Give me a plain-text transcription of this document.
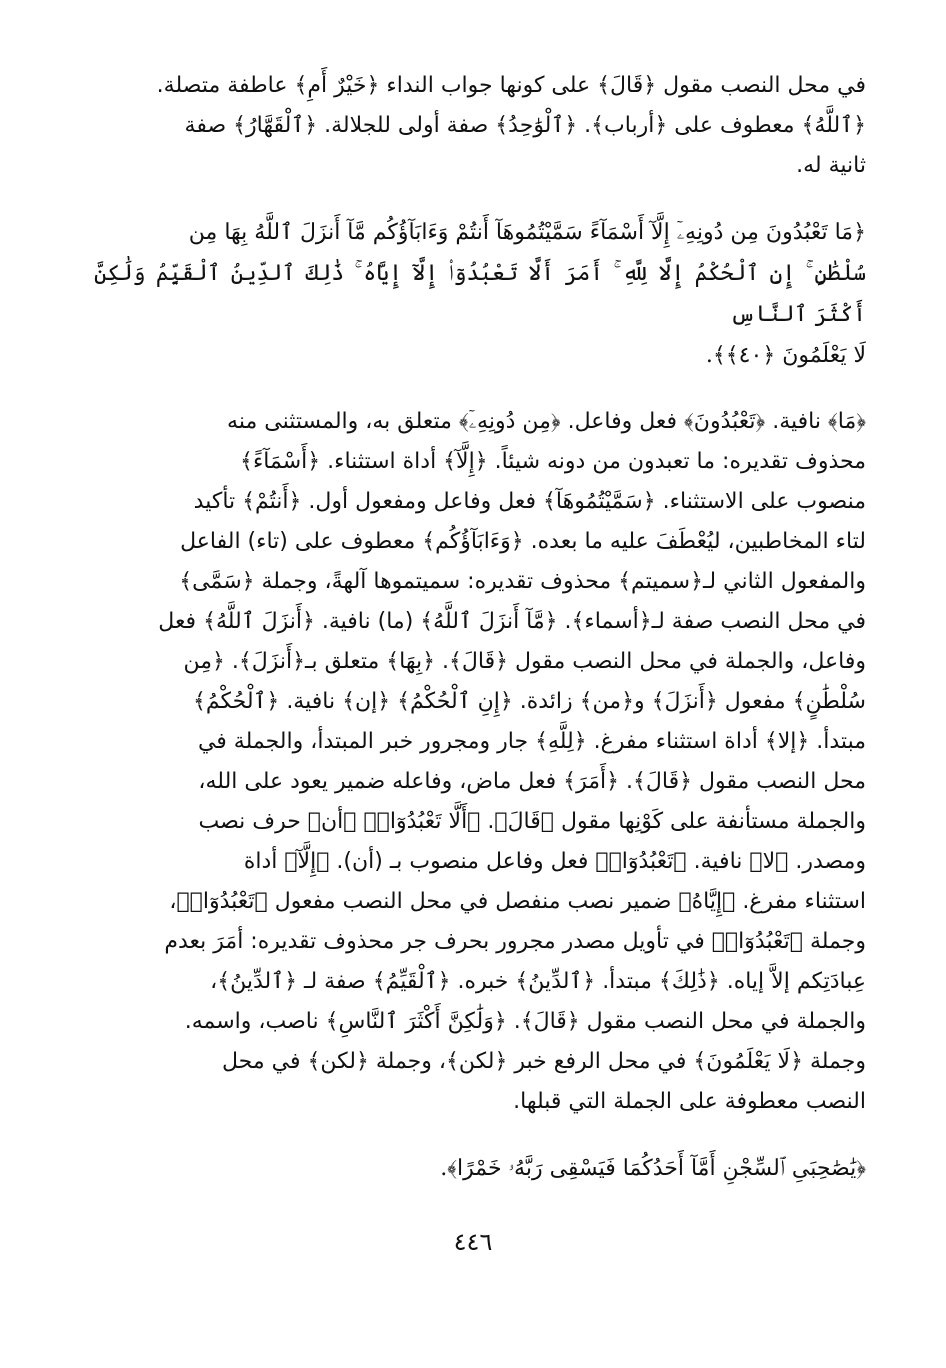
في محل النصب مقول ﴿قَالَ﴾ على كونها جواب النداء ﴿خَيْرٌ أَمِ﴾ عاطفة متصلة.
﴿ٱللَّهُ﴾ معطوف على ﴿أرباب﴾. ﴿ٱلْوَٰحِدُ﴾ صفة أولى للجلالة. ﴿ٱلْقَهَّارُ﴾ صفة
ثانية له.

﴿مَا تَعْبُدُونَ مِن دُونِهِۦٓ إِلَّآ أَسْمَآءً سَمَّيْتُمُوهَآ أَنتُمْ وَءَابَآؤُكُم مَّآ أَنزَلَ ٱللَّهُ بِهَا مِن
سُلْطَٰنٍ ۚ إِنِ ٱلْحُكْمُ إِلَّا لِلَّهِ ۚ أَمَرَ أَلَّا تَعْبُدُوٓا۟ إِلَّآ إِيَّاهُ ۚ ذَٰلِكَ ٱلدِّينُ ٱلْقَيِّمُ وَلَٰكِنَّ أَكْثَرَ ٱلنَّاسِ
لَا يَعْلَمُونَ ﴿٤٠﴾﴾.

﴿مَا﴾ نافية. ﴿تَعْبُدُونَ﴾ فعل وفاعل. ﴿مِن دُونِهِۦٓ﴾ متعلق به، والمستثنى منه
محذوف تقديره: ما تعبدون من دونه شيئاً. ﴿إِلَّآ﴾ أداة استثناء. ﴿أَسْمَآءً﴾
منصوب على الاستثناء. ﴿سَمَّيْتُمُوهَآ﴾ فعل وفاعل ومفعول أول. ﴿أَنتُمْ﴾ تأكيد
لتاء المخاطبين، ليُعْطَفَ عليه ما بعده. ﴿وَءَابَآؤُكُم﴾ معطوف على (تاء) الفاعل
والمفعول الثاني لـ﴿سميتم﴾ محذوف تقديره: سميتموها آلهةً، وجملة ﴿سَمَّى﴾
في محل النصب صفة لـ﴿أسماء﴾. ﴿مَّآ أَنزَلَ ٱللَّهُ﴾ (ما) نافية. ﴿أَنزَلَ ٱللَّهُ﴾ فعل
وفاعل، والجملة في محل النصب مقول ﴿قَالَ﴾. ﴿بِهَا﴾ متعلق بـ﴿أَنزَلَ﴾. ﴿مِن
سُلْطَٰنٍ﴾ مفعول ﴿أَنزَلَ﴾ و﴿من﴾ زائدة. ﴿إِنِ ٱلْحُكْمُ﴾ ﴿إن﴾ نافية. ﴿ٱلْحُكْمُ﴾
مبتدأ. ﴿إلا﴾ أداة استثناء مفرغ. ﴿لِلَّهِ﴾ جار ومجرور خبر المبتدأ، والجملة في
محل النصب مقول ﴿قَالَ﴾. ﴿أَمَرَ﴾ فعل ماض، وفاعله ضمير يعود على الله،
والجملة مستأنفة على كَوْنِها مقول ﴿قَالَ﴾. ﴿أَلَّا تَعْبُدُوٓا۟﴾ ﴿أن﴾ حرف نصب
ومصدر. ﴿لا﴾ نافية. ﴿تَعْبُدُوٓا۟﴾ فعل وفاعل منصوب بـ (أن). ﴿إِلَّآ﴾ أداة
استثناء مفرغ. ﴿إِيَّاهُ﴾ ضمير نصب منفصل في محل النصب مفعول ﴿تَعْبُدُوٓا۟﴾،
وجملة ﴿تَعْبُدُوٓا۟﴾ في تأويل مصدر مجرور بحرف جر محذوف تقديره: أمَرَ بعدم
عِبادَتِكم إلاَّ إياه. ﴿ذَٰلِكَ﴾ مبتدأ. ﴿ٱلدِّينُ﴾ خبره. ﴿ٱلْقَيِّمُ﴾ صفة لـ ﴿ٱلدِّينُ﴾،
والجملة في محل النصب مقول ﴿قَالَ﴾. ﴿وَلَٰكِنَّ أَكْثَرَ ٱلنَّاسِ﴾ ناصب، واسمه.
وجملة ﴿لَا يَعْلَمُونَ﴾ في محل الرفع خبر ﴿لكن﴾، وجملة ﴿لكن﴾ في محل
النصب معطوفة على الجملة التي قبلها.

﴿يَٰصَٰحِبَىِ ٱلسِّجْنِ أَمَّآ أَحَدُكُمَا فَيَسْقِى رَبَّهُۥ خَمْرًا﴾.

٤٤٦
